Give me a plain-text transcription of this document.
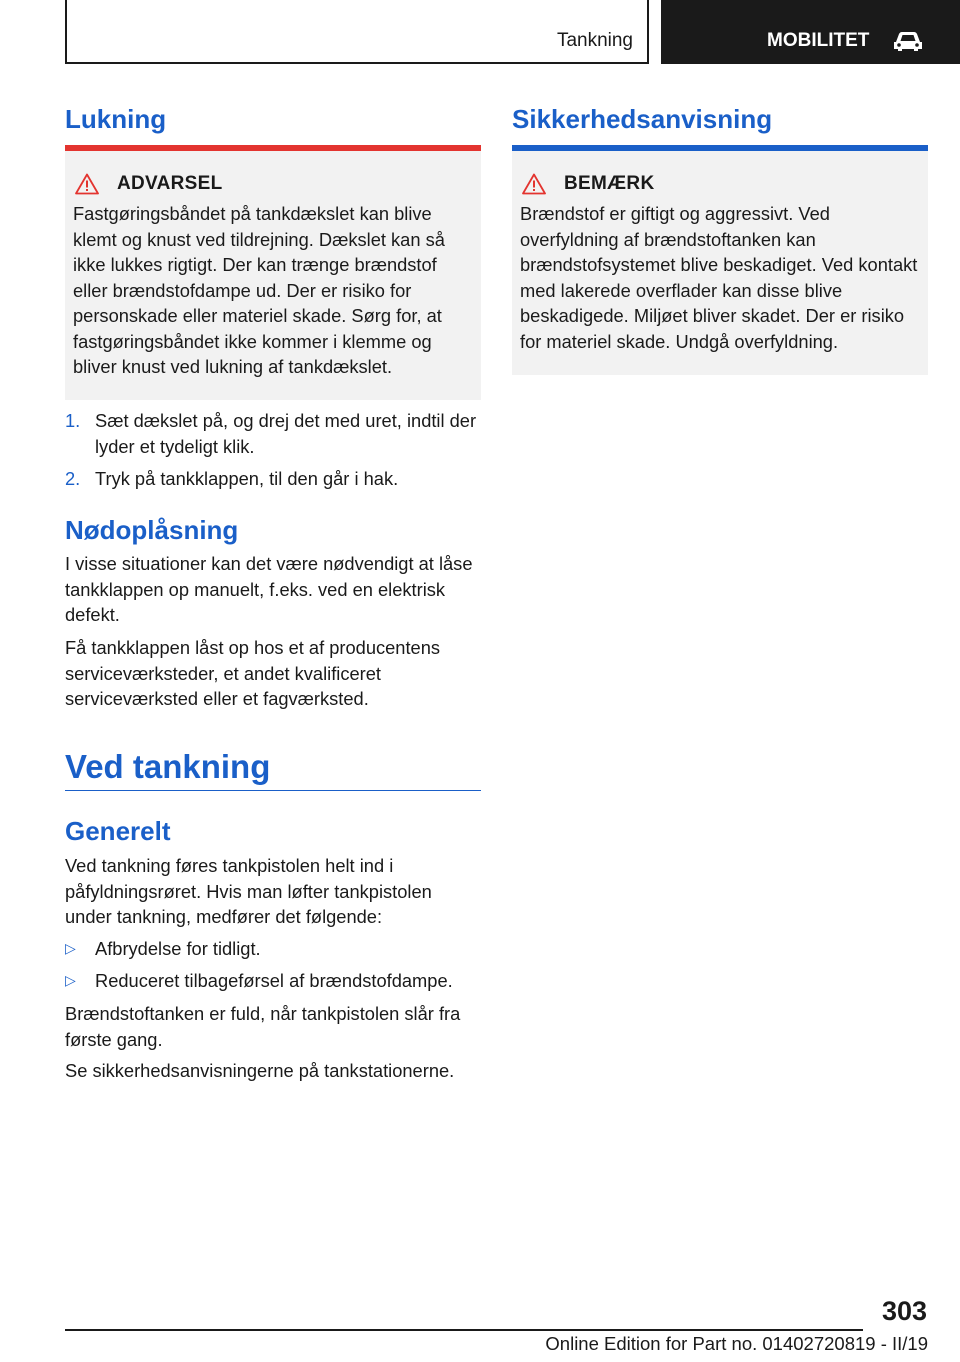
Tankning	MOBILITET
Lukning
ADVARSEL
Fastgøringsbåndet på tankdækslet kan blive klemt og knust ved tildrejning. Dækslet kan så ikke lukkes rigtigt. Der kan trænge brændstof eller brændstofdampe ud. Der er risiko for personskade eller materiel skade. Sørg for, at fastgøringsbåndet ikke kommer i klemme og bliver knust ved lukning af tankdækslet.
1. Sæt dækslet på, og drej det med uret, indtil der lyder et tydeligt klik.
2. Tryk på tankklappen, til den går i hak.
Nødoplåsning

I visse situationer kan det være nødvendigt at låse tankklappen op manuelt, f.eks. ved en elektrisk defekt.

Få tankklappen låst op hos et af producentens serviceværksteder, et andet kvalificeret serviceværksted eller et fagværksted.

Ved tankning
Generelt

Ved tankning føres tankpistolen helt ind i påfyldningsrøret. Hvis man løfter tankpistolen under tankning, medfører det følgende:

▷	Afbrydelse for tidligt.
▷	Reduceret tilbageførsel af brændstofdampe.

Brændstoftanken er fuld, når tankpistolen slår fra første gang.

Se sikkerhedsanvisningerne på tankstationerne.

Sikkerhedsanvisning
BEMÆRK
Brændstof er giftigt og aggressivt. Ved overfyldning af brændstoftanken kan brændstofsystemet blive beskadiget. Ved kontakt med lakerede overflader kan disse blive beskadigede. Miljøet bliver skadet. Der er risiko for materiel skade. Undgå overfyldning.
303
Online Edition for Part no. 01402720819 - II/19
